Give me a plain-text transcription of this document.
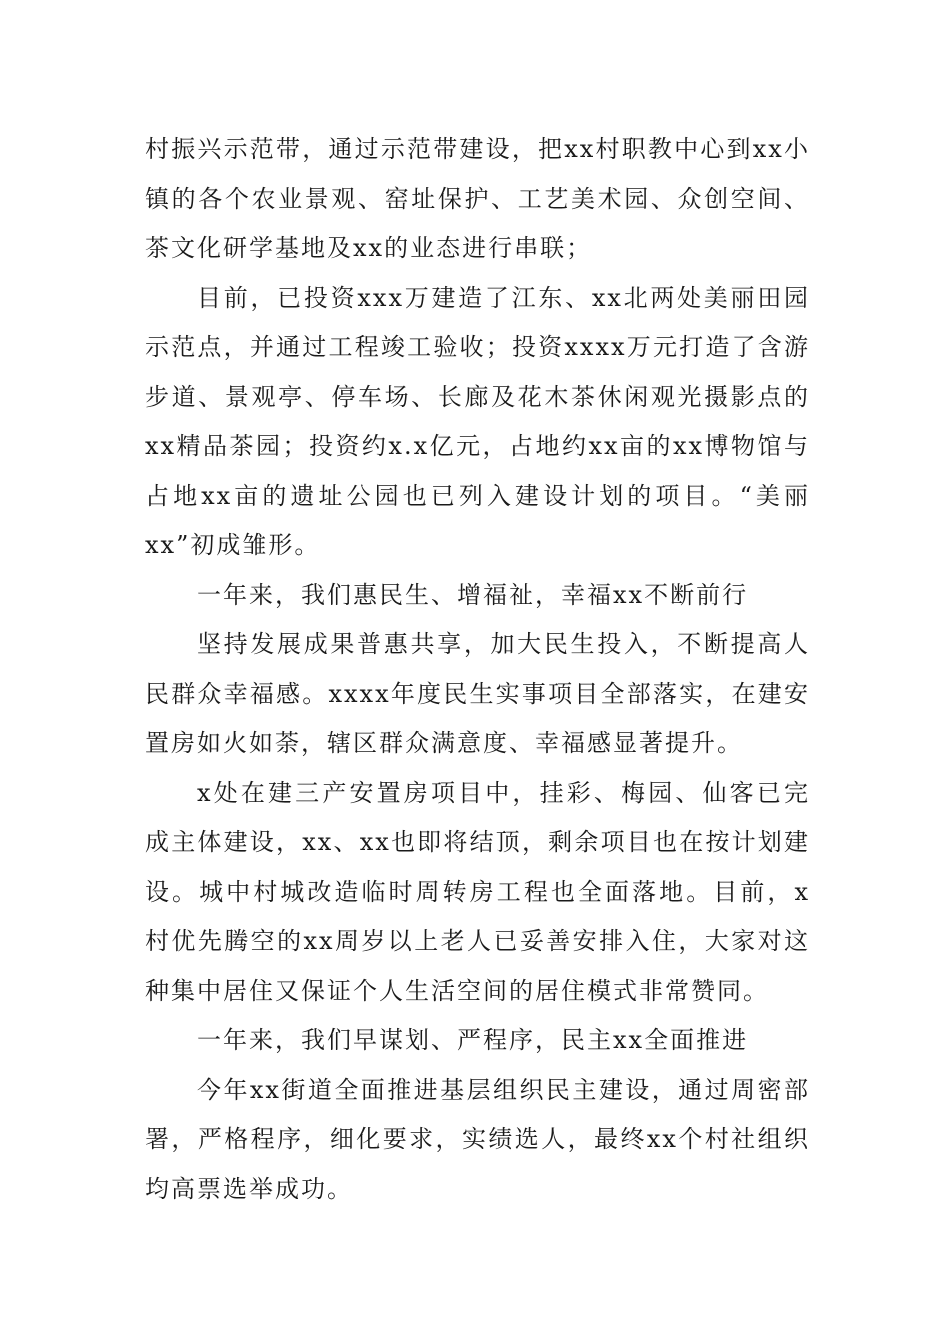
村振兴示范带，通过示范带建设，把xx村职教中心到xx小镇的各个农业景观、窑址保护、工艺美术园、众创空间、茶文化研学基地及xx的业态进行串联；

目前，已投资xxx万建造了江东、xx北两处美丽田园示范点，并通过工程竣工验收；投资xxxx万元打造了含游步道、景观亭、停车场、长廊及花木茶休闲观光摄影点的xx精品茶园；投资约x.x亿元，占地约xx亩的xx博物馆与占地xx亩的遗址公园也已列入建设计划的项目。“美丽xx”初成雏形。

一年来，我们惠民生、增福祉，幸福xx不断前行

坚持发展成果普惠共享，加大民生投入，不断提高人民群众幸福感。xxxx年度民生实事项目全部落实，在建安置房如火如荼，辖区群众满意度、幸福感显著提升。

x处在建三产安置房项目中，挂彩、梅园、仙客已完成主体建设，xx、xx也即将结顶，剩余项目也在按计划建设。城中村城改造临时周转房工程也全面落地。目前，x村优先腾空的xx周岁以上老人已妥善安排入住，大家对这种集中居住又保证个人生活空间的居住模式非常赞同。

一年来，我们早谋划、严程序，民主xx全面推进

今年xx街道全面推进基层组织民主建设，通过周密部署，严格程序，细化要求，实绩选人，最终xx个村社组织均高票选举成功。
